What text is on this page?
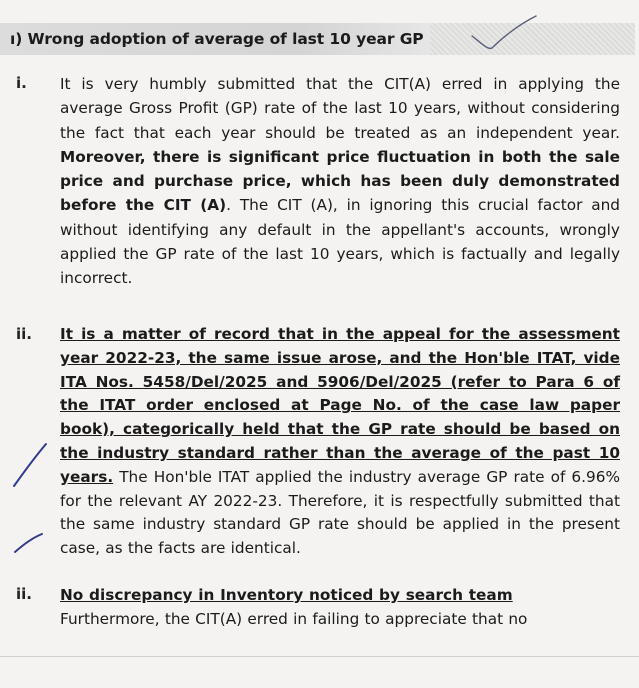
ı) Wrong adoption of average of last 10 year GP
i. It is very humbly submitted that the CIT(A) erred in applying the average Gross Profit (GP) rate of the last 10 years, without considering the fact that each year should be treated as an independent year. Moreover, there is significant price fluctuation in both the sale price and purchase price, which has been duly demonstrated before the CIT (A). The CIT (A), in ignoring this crucial factor and without identifying any default in the appellant's accounts, wrongly applied the GP rate of the last 10 years, which is factually and legally incorrect.
ii. It is a matter of record that in the appeal for the assessment year 2022-23, the same issue arose, and the Hon'ble ITAT, vide ITA Nos. 5458/Del/2025 and 5906/Del/2025 (refer to Para 6 of the ITAT order enclosed at Page No. of the case law paper book), categorically held that the GP rate should be based on the industry standard rather than the average of the past 10 years. The Hon'ble ITAT applied the industry average GP rate of 6.96% for the relevant AY 2022-23. Therefore, it is respectfully submitted that the same industry standard GP rate should be applied in the present case, as the facts are identical.
ii. No discrepancy in Inventory noticed by search team
Furthermore, the CIT(A) erred in failing to appreciate that no
